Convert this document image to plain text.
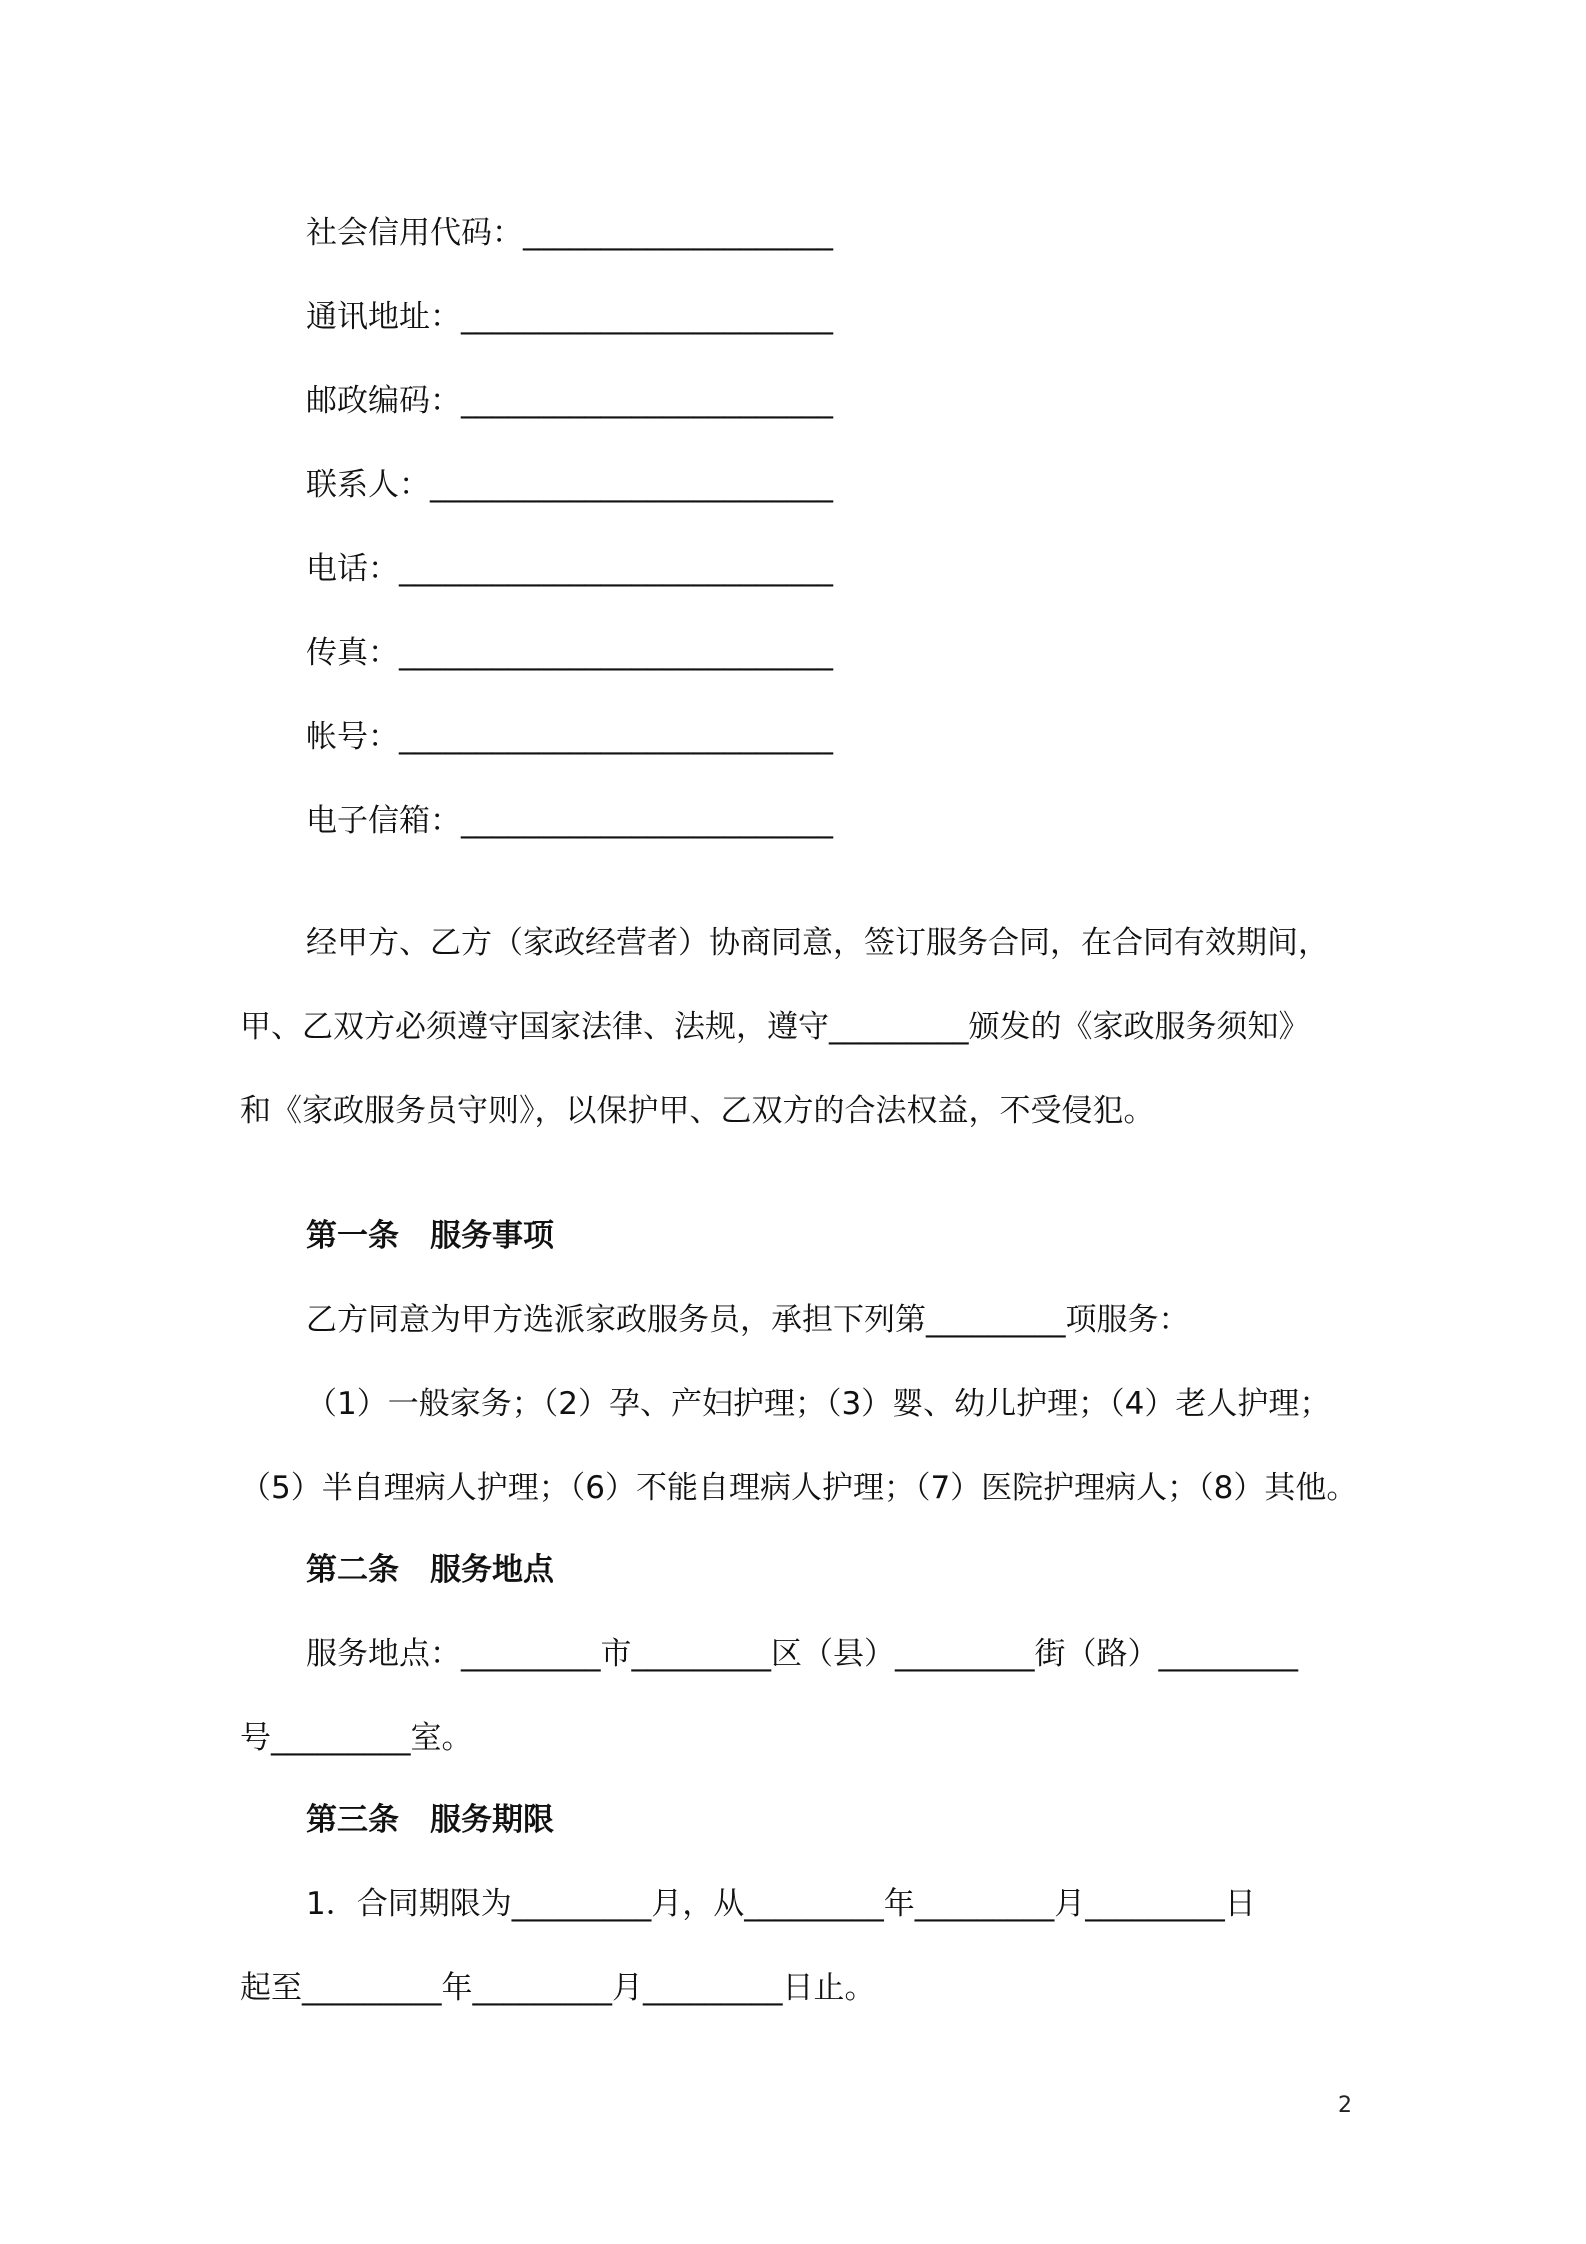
社会信用代码：____________________
通讯地址：________________________
邮政编码：________________________
联系人：__________________________
电话：____________________________
传真：____________________________
帐号：____________________________
电子信箱：________________________
经甲方、乙方（家政经营者）协商同意，签订服务合同，在合同有效期间，
甲、乙双方必须遵守国家法律、法规，遵守_________颁发的《家政服务须知》
和《家政服务员守则》，以保护甲、乙双方的合法权益，不受侵犯。
第一条　服务事项
乙方同意为甲方选派家政服务员，承担下列第_________项服务：
（1）一般家务；（2）孕、产妇护理；（3）婴、幼儿护理；（4）老人护理；
（5）半自理病人护理；（6）不能自理病人护理；（7）医院护理病人；（8）其他。
第二条　服务地点
服务地点：_________市_________区（县）_________街（路）_________
号_________室。
第三条　服务期限
1．合同期限为_________月，从_________年_________月_________日
起至_________年_________月_________日止。
2
